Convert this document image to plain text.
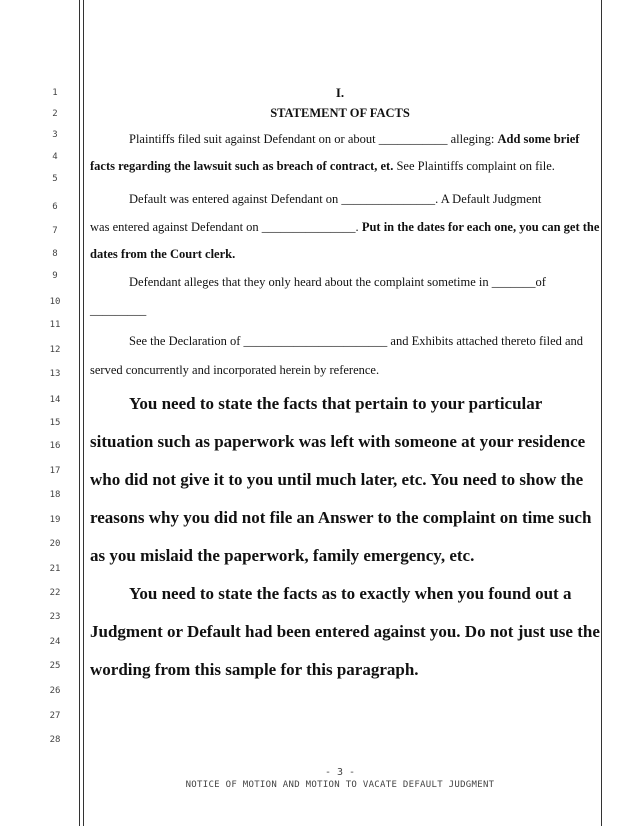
1
2
3
4
5
6
7
8
9
10
11
12
13
14
15
16
17
18
19
20
21
22
23
24
25
26
27
28
I.
STATEMENT OF FACTS
Plaintiffs filed suit against Defendant on or about ___________ alleging: Add some brief
facts regarding the lawsuit such as breach of contract, et. See Plaintiffs complaint on file.
Default was entered against Defendant on _______________. A Default Judgment
was entered against Defendant on _______________. Put in the dates for each one, you can get the
dates from the Court clerk.
Defendant alleges that they only heard about the complaint sometime in _______of
_________
See the Declaration of _______________________ and Exhibits attached thereto filed and
served concurrently and incorporated herein by reference.
You need to state the facts that pertain to your particular
situation such as paperwork was left with someone at your residence
who did not give it to you until much later, etc. You need to show the
reasons why you did not file an Answer to the complaint on time such
as you mislaid the paperwork, family emergency, etc.
You need to state the facts as to exactly when you found out a
Judgment or Default had been entered against you. Do not just use the
wording from this sample for this paragraph.
- 3 -
NOTICE OF MOTION AND MOTION TO VACATE DEFAULT JUDGMENT
